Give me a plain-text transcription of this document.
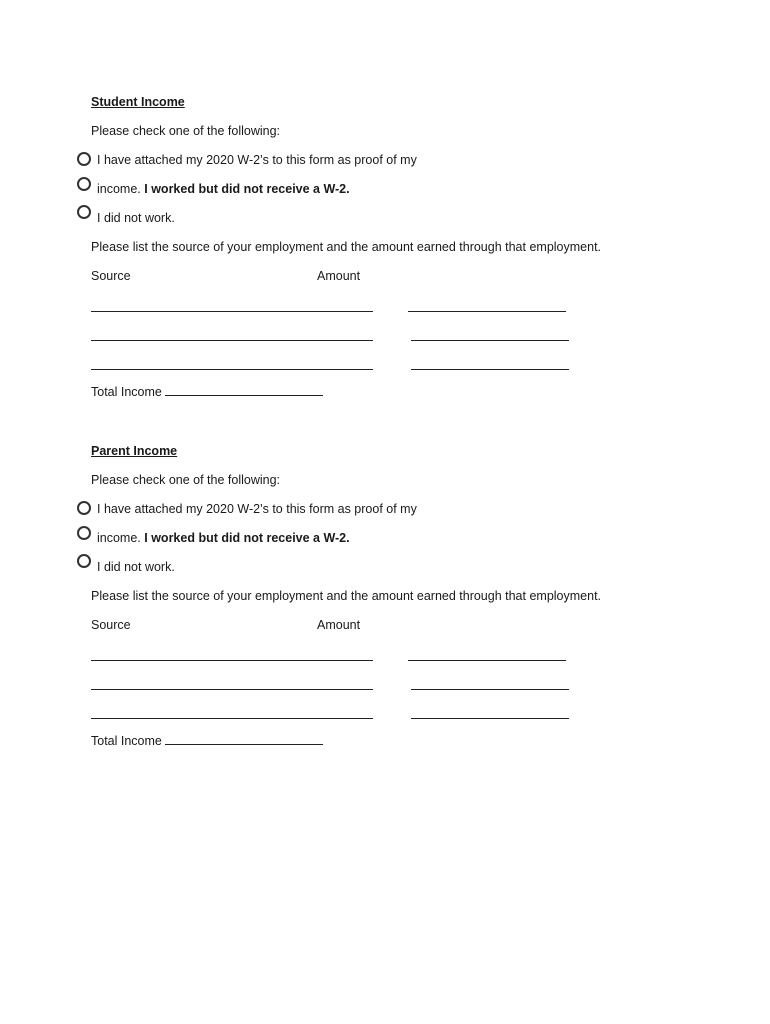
Student Income
Please check one of the following:
I have attached my 2020 W-2’s to this form as proof of my
income. I worked but did not receive a W-2.
I did not work.
Please list the source of your employment and the amount earned through that employment.
Source	Amount
Total Income
Parent Income
Please check one of the following:
I have attached my 2020 W-2’s to this form as proof of my
income. I worked but did not receive a W-2.
I did not work.
Please list the source of your employment and the amount earned through that employment.
Source	Amount
Total Income
